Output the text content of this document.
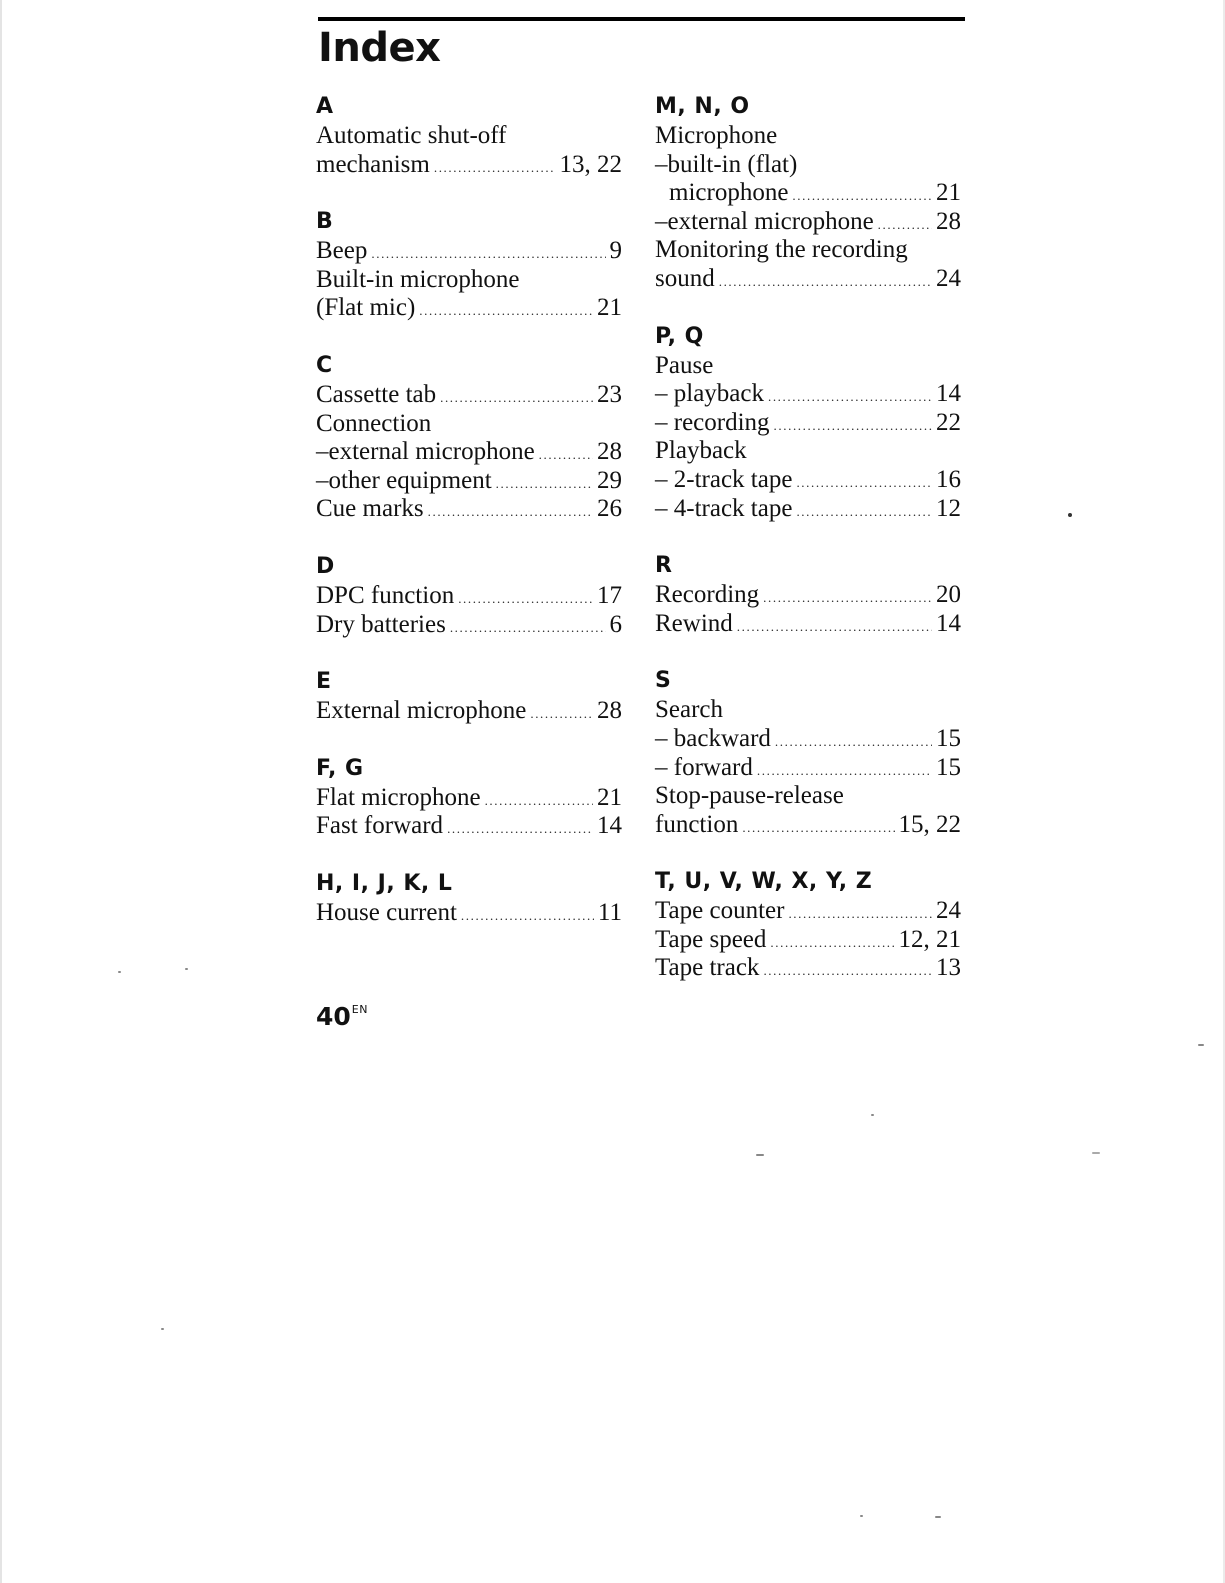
Index
A
Automatic shut-off
mechanism .....	13, 22
B
Beep .....	9
Built-in microphone
(Flat mic) .....	21
C
Cassette tab .....	23
Connection
–external microphone ..... 28
–other equipment .....	29
Cue marks .....	26
D
DPC function .....	17
Dry batteries .....	6
E
External microphone .....	28
F, G
Flat microphone .....	21
Fast forward .....	14
H, I, J, K, L
House current .....	11
M, N, O
Microphone
–built-in (flat)
microphone .....	21
–external microphone ..... 28
Monitoring the recording
sound .....	24
P, Q
Pause
– playback .....	14
– recording .....	22
Playback
– 2-track tape .....	16
– 4-track tape .....	12
R
Recording .....	20
Rewind .....	14
S
Search
– backward .....	15
– forward .....	15
Stop-pause-release
function .....	15, 22
T, U, V, W, X, Y, Z
Tape counter .....	24
Tape speed .....	12, 21
Tape track .....	13
$40^{EN}$
